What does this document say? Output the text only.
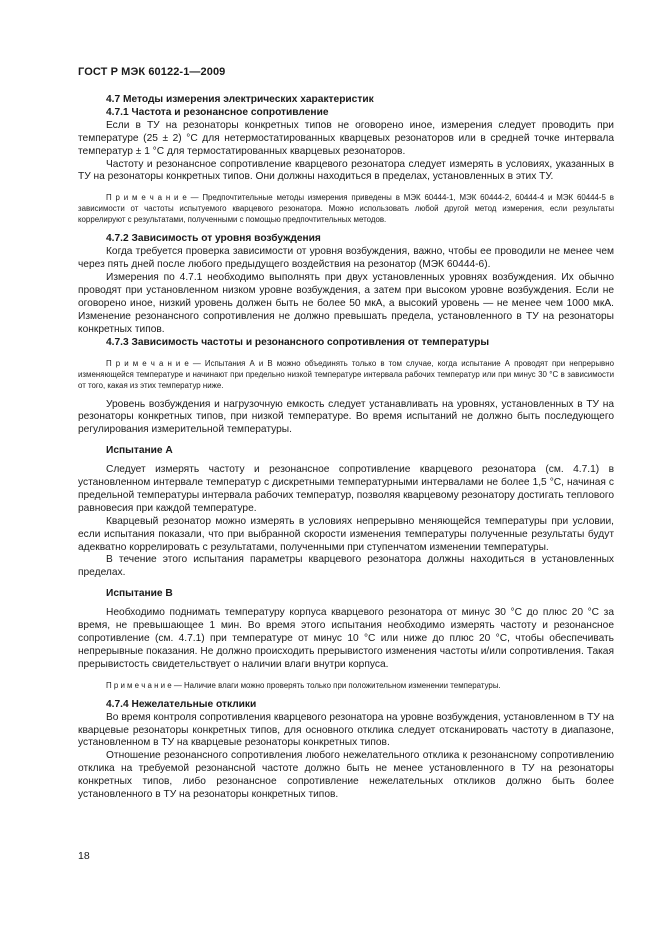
ГОСТ Р МЭК 60122-1—2009

4.7 Методы измерения электрических характеристик

4.7.1 Частота и резонансное сопротивление

Если в ТУ на резонаторы конкретных типов не оговорено иное, измерения следует проводить при температуре (25 ± 2) °С для нетермостатированных кварцевых резонаторов или в средней точке интервала температур ± 1 °С для термостатированных кварцевых резонаторов.

Частоту и резонансное сопротивление кварцевого резонатора следует измерять в условиях, указанных в ТУ на резонаторы конкретных типов. Они должны находиться в пределах, установленных в этих ТУ.

П р и м е ч а н и е — Предпочтительные методы измерения приведены в МЭК 60444-1, МЭК 60444-2, 60444-4 и МЭК 60444-5 в зависимости от частоты испытуемого кварцевого резонатора. Можно использовать любой другой метод измерения, если результаты коррелируют с результатами, полученными с помощью предпочтительных методов.

4.7.2 Зависимость от уровня возбуждения

Когда требуется проверка зависимости от уровня возбуждения, важно, чтобы ее проводили не менее чем через пять дней после любого предыдущего воздействия на резонатор (МЭК 60444-6).

Измерения по 4.7.1 необходимо выполнять при двух установленных уровнях возбуждения. Их обычно проводят при установленном низком уровне возбуждения, а затем при высоком уровне возбуждения. Если не оговорено иное, низкий уровень должен быть не более 50 мкА, а высокий уровень — не менее чем 1000 мкА. Изменение резонансного сопротивления не должно превышать предела, установленного в ТУ на резонаторы конкретных типов.

4.7.3 Зависимость частоты и резонансного сопротивления от температуры

П р и м е ч а н и е — Испытания А и В можно объединять только в том случае, когда испытание А проводят при непрерывно изменяющейся температуре и начинают при предельно низкой температуре интервала рабочих температур или при минус 30 °С в зависимости от того, какая из этих температур ниже.

Уровень возбуждения и нагрузочную емкость следует устанавливать на уровнях, установленных в ТУ на резонаторы конкретных типов, при низкой температуре. Во время испытаний не должно быть последующего регулирования измерительной температуры.

Испытание А

Следует измерять частоту и резонансное сопротивление кварцевого резонатора (см. 4.7.1) в установленном интервале температур с дискретными температурными интервалами не более 1,5 °С, начиная с предельной температуры интервала рабочих температур, позволяя кварцевому резонатору достигать теплового равновесия при каждой температуре.

Кварцевый резонатор можно измерять в условиях непрерывно меняющейся температуры при условии, если испытания показали, что при выбранной скорости изменения температуры полученные результаты будут адекватно коррелировать с результатами, полученными при ступенчатом изменении температуры.

В течение этого испытания параметры кварцевого резонатора должны находиться в установленных пределах.

Испытание В

Необходимо поднимать температуру корпуса кварцевого резонатора от минус 30 °С до плюс 20 °С за время, не превышающее 1 мин. Во время этого испытания необходимо измерять частоту и резонансное сопротивление (см. 4.7.1) при температуре от минус 10 °С или ниже до плюс 20 °С, чтобы обеспечивать непрерывные показания. Не должно происходить прерывистого изменения частоты и/или сопротивления. Такая прерывистость свидетельствует о наличии влаги внутри корпуса.

П р и м е ч а н и е — Наличие влаги можно проверять только при положительном изменении температуры.

4.7.4 Нежелательные отклики

Во время контроля сопротивления кварцевого резонатора на уровне возбуждения, установленном в ТУ на кварцевые резонаторы конкретных типов, для основного отклика следует отсканировать частоту в диапазоне, установленном в ТУ на кварцевые резонаторы конкретных типов.

Отношение резонансного сопротивления любого нежелательного отклика к резонансному сопротивлению отклика на требуемой резонансной частоте должно быть не менее установленного в ТУ на резонаторы конкретных типов, либо резонансное сопротивление нежелательных откликов должно быть более установленного в ТУ на резонаторы конкретных типов.

18
